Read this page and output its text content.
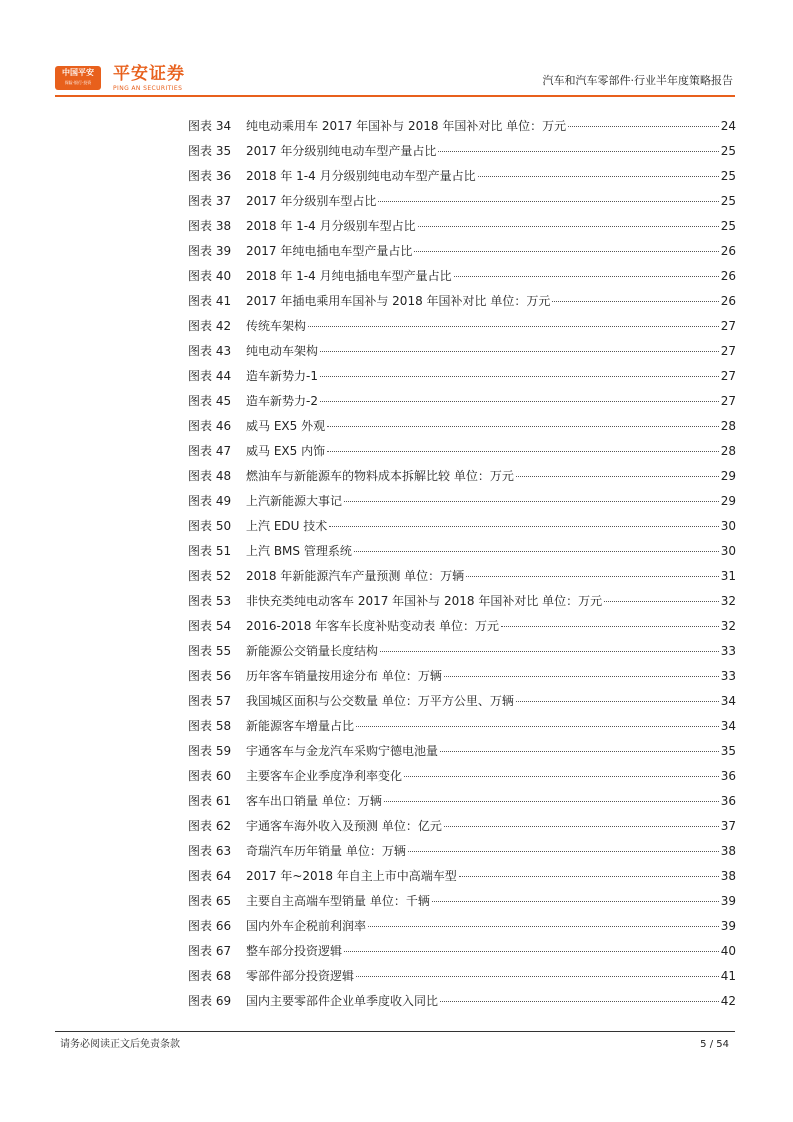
中国平安
保险·银行·投资	平安证券
PING AN SECURITIES
汽车和汽车零部件·行业半年度策略报告
图表 34	纯电动乘用车 2017 年国补与 2018 年国补对比 单位：万元	24
图表 35	2017 年分级别纯电动车型产量占比	25
图表 36	2018 年 1-4 月分级别纯电动车型产量占比	25
图表 37	2017 年分级别车型占比	25
图表 38	2018 年 1-4 月分级别车型占比	25
图表 39	2017 年纯电插电车型产量占比	26
图表 40	2018 年 1-4 月纯电插电车型产量占比	26
图表 41	2017 年插电乘用车国补与 2018 年国补对比 单位：万元	26
图表 42	传统车架构	27
图表 43	纯电动车架构	27
图表 44	造车新势力-1	27
图表 45	造车新势力-2	27
图表 46	威马 EX5 外观	28
图表 47	威马 EX5 内饰	28
图表 48	燃油车与新能源车的物料成本拆解比较 单位：万元	29
图表 49	上汽新能源大事记	29
图表 50	上汽 EDU 技术	30
图表 51	上汽 BMS 管理系统	30
图表 52	2018 年新能源汽车产量预测 单位：万辆	31
图表 53	非快充类纯电动客车 2017 年国补与 2018 年国补对比 单位：万元	32
图表 54	2016-2018 年客车长度补贴变动表 单位：万元	32
图表 55	新能源公交销量长度结构	33
图表 56	历年客车销量按用途分布 单位：万辆	33
图表 57	我国城区面积与公交数量 单位：万平方公里、万辆	34
图表 58	新能源客车增量占比	34
图表 59	宇通客车与金龙汽车采购宁德电池量	35
图表 60	主要客车企业季度净利率变化	36
图表 61	客车出口销量 单位：万辆	36
图表 62	宇通客车海外收入及预测 单位：亿元	37
图表 63	奇瑞汽车历年销量 单位：万辆	38
图表 64	2017 年~2018 年自主上市中高端车型	38
图表 65	主要自主高端车型销量 单位：千辆	39
图表 66	国内外车企税前利润率	39
图表 67	整车部分投资逻辑	40
图表 68	零部件部分投资逻辑	41
图表 69	国内主要零部件企业单季度收入同比	42
请务必阅读正文后免责条款	5 / 54
